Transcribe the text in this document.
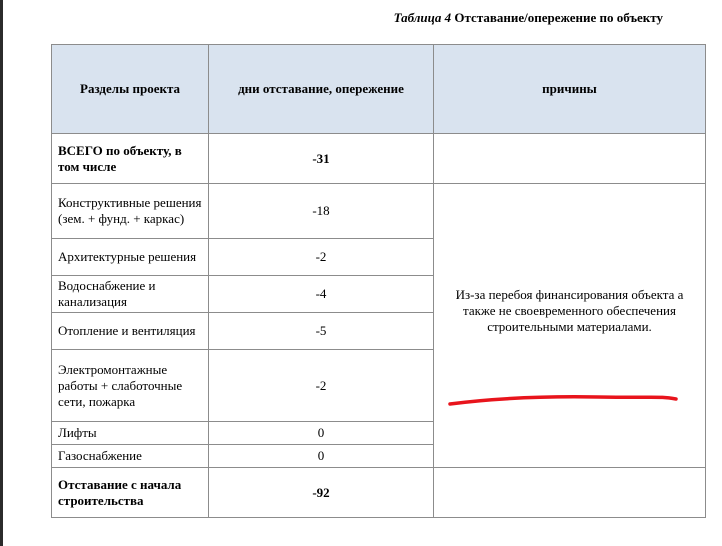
Таблица 4 Отставание/опережение по объекту
Разделы проекта	дни отставание, опережение	причины
ВСЕГО по объекту, в том числе	-31	
Конструктивные решения (зем. + фунд. + каркас)	-18	Из-за перебоя финансирования объекта а также не своевременного обеспечения строительными материалами.

Архитектурные решения	-2	
Водоснабжение и канализация	-4	
Отопление и вентиляция	-5	
Электромонтажные работы + слаботочные сети, пожарка	-2	
Лифты	0	
Газоснабжение	0	
Отставание с начала строительства	-92	
